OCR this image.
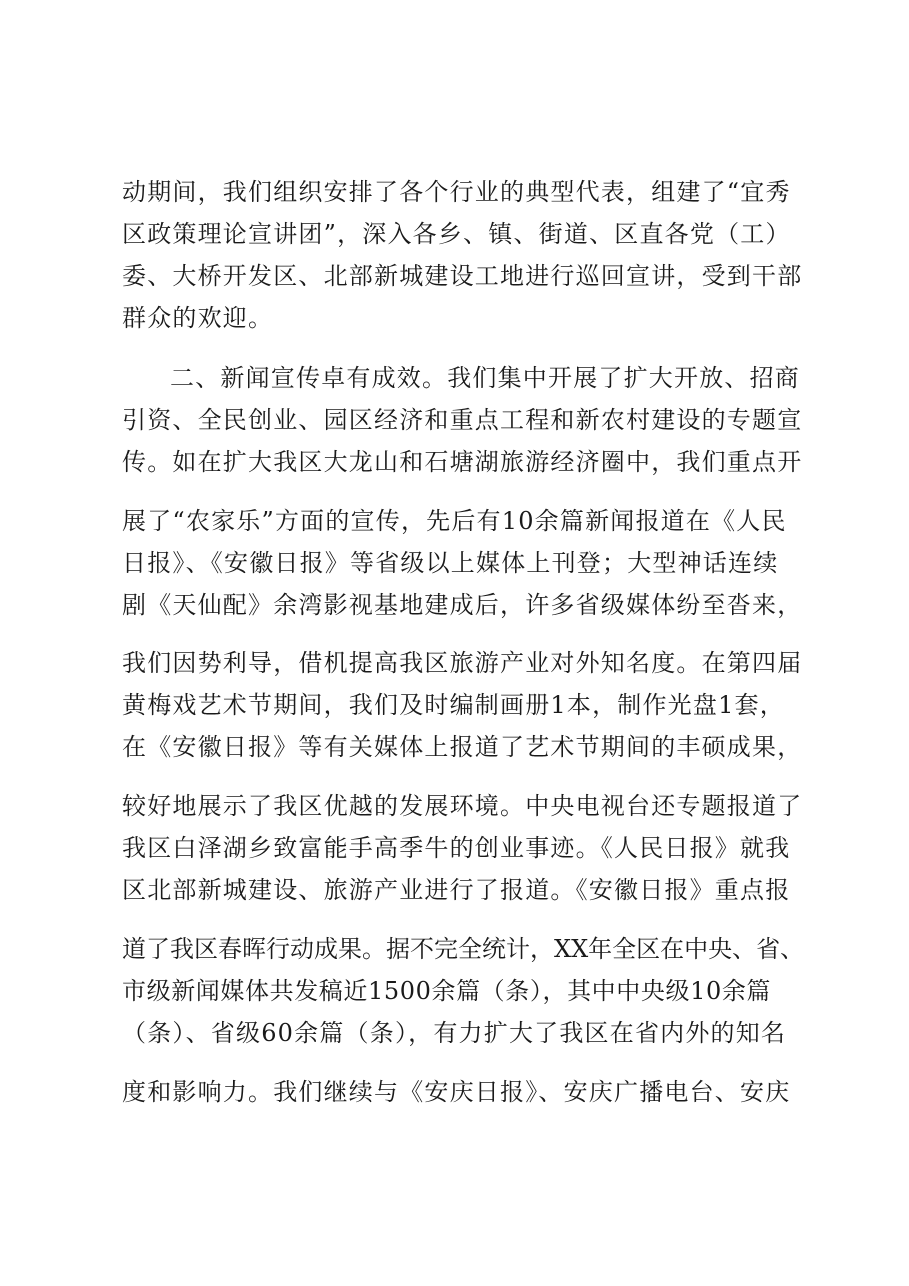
动期间，我们组织安排了各个行业的典型代表，组建了“宜秀
区政策理论宣讲团”，深入各乡、镇、街道、区直各党（工）
委、大桥开发区、北部新城建设工地进行巡回宣讲，受到干部
群众的欢迎。
二、新闻宣传卓有成效。我们集中开展了扩大开放、招商
引资、全民创业、园区经济和重点工程和新农村建设的专题宣
传。如在扩大我区大龙山和石塘湖旅游经济圈中，我们重点开
展了“农家乐”方面的宣传，先后有10余篇新闻报道在《人民
日报》、《安徽日报》等省级以上媒体上刊登；大型神话连续
剧《天仙配》余湾影视基地建成后，许多省级媒体纷至沓来，
我们因势利导，借机提高我区旅游产业对外知名度。在第四届
黄梅戏艺术节期间，我们及时编制画册1本，制作光盘1套，
在《安徽日报》等有关媒体上报道了艺术节期间的丰硕成果，
较好地展示了我区优越的发展环境。中央电视台还专题报道了
我区白泽湖乡致富能手高季牛的创业事迹。《人民日报》就我
区北部新城建设、旅游产业进行了报道。《安徽日报》重点报
道了我区春晖行动成果。据不完全统计，XX年全区在中央、省、
市级新闻媒体共发稿近1500余篇（条），其中中央级10余篇
（条）、省级60余篇（条），有力扩大了我区在省内外的知名
度和影响力。我们继续与《安庆日报》、安庆广播电台、安庆
